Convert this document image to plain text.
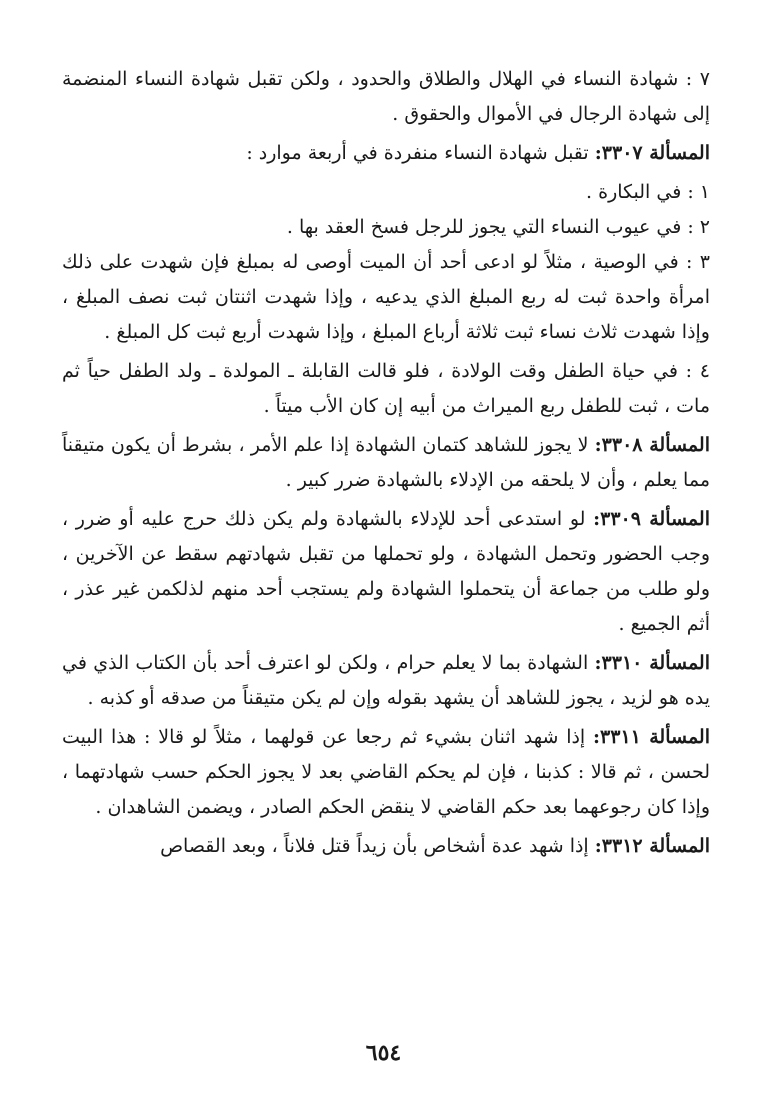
٧ : شهادة النساء في الهلال والطلاق والحدود ، ولكن تقبل شهادة النساء المنضمة إلى شهادة الرجال في الأموال والحقوق .

المسألة ٣٣٠٧: تقبل شهادة النساء منفردة في أربعة موارد :

١ : في البكارة .

٢ : في عيوب النساء التي يجوز للرجل فسخ العقد بها .

٣ : في الوصية ، مثلاً لو ادعى أحد أن الميت أوصى له بمبلغ فإن شهدت على ذلك امرأة واحدة ثبت له ربع المبلغ الذي يدعيه ، وإذا شهدت اثنتان ثبت نصف المبلغ ، وإذا شهدت ثلاث نساء ثبت ثلاثة أرباع المبلغ ، وإذا شهدت أربع ثبت كل المبلغ .

٤ : في حياة الطفل وقت الولادة ، فلو قالت القابلة ـ المولدة ـ ولد الطفل حياً ثم مات ، ثبت للطفل ربع الميراث من أبيه إن كان الأب ميتاً .

المسألة ٣٣٠٨: لا يجوز للشاهد كتمان الشهادة إذا علم الأمر ، بشرط أن يكون متيقناً مما يعلم ، وأن لا يلحقه من الإدلاء بالشهادة ضرر كبير .

المسألة ٣٣٠٩: لو استدعى أحد للإدلاء بالشهادة ولم يكن ذلك حرج عليه أو ضرر ، وجب الحضور وتحمل الشهادة ، ولو تحملها من تقبل شهادتهم سقط عن الآخرين ، ولو طلب من جماعة أن يتحملوا الشهادة ولم يستجب أحد منهم لذلكمن غير عذر ، أثم الجميع .

المسألة ٣٣١٠: الشهادة بما لا يعلم حرام ، ولكن لو اعترف أحد بأن الكتاب الذي في يده هو لزيد ، يجوز للشاهد أن يشهد بقوله وإن لم يكن متيقناً من صدقه أو كذبه .

المسألة ٣٣١١: إذا شهد اثنان بشيء ثم رجعا عن قولهما ، مثلاً لو قالا : هذا البيت لحسن ، ثم قالا : كذبنا ، فإن لم يحكم القاضي بعد لا يجوز الحكم حسب شهادتهما ، وإذا كان رجوعهما بعد حكم القاضي لا ينقض الحكم الصادر ، ويضمن الشاهدان .

المسألة ٣٣١٢: إذا شهد عدة أشخاص بأن زيداً قتل فلاناً ، وبعد القصاص

٦٥٤
